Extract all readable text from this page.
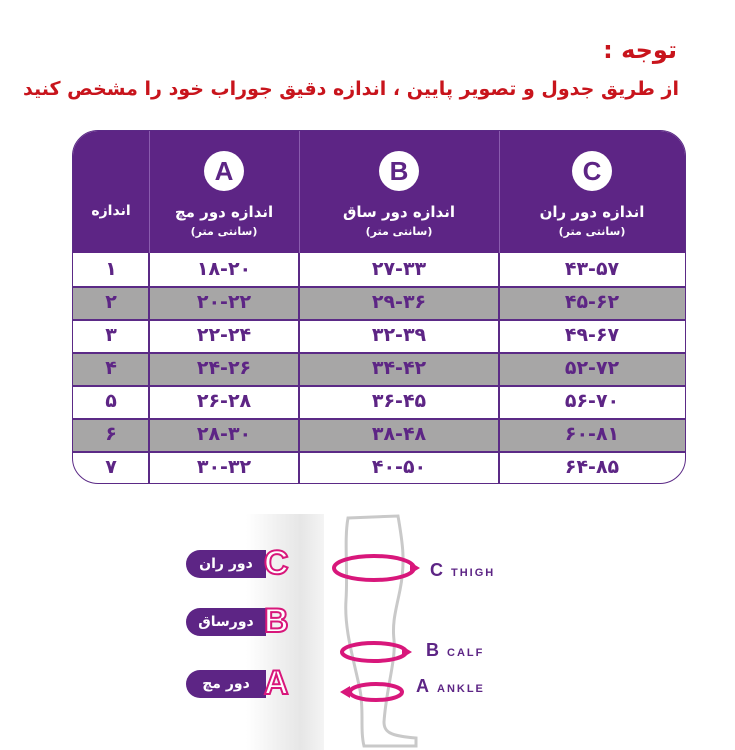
توجه :
از طریق جدول و تصویر پایین ، اندازه دقیق جوراب خود را مشخص کنید
C
اندازه دور ران
(سانتی متر)
B
اندازه دور ساق
(سانتی متر)
A
اندازه دور مچ
(سانتی متر)
اندازه
۴۳-۵۷
۲۷-۳۳
۱۸-۲۰
۱
۴۵-۶۲
۲۹-۳۶
۲۰-۲۲
۲
۴۹-۶۷
۳۲-۳۹
۲۲-۲۴
۳
۵۲-۷۲
۳۴-۴۲
۲۴-۲۶
۴
۵۶-۷۰
۳۶-۴۵
۲۶-۲۸
۵
۶۰-۸۱
۳۸-۴۸
۲۸-۳۰
۶
۶۴-۸۵
۴۰-۵۰
۳۰-۳۲
۷
دور ران C
دورساق B
دور مچ A
CTHIGH
BCALF
AANKLE
